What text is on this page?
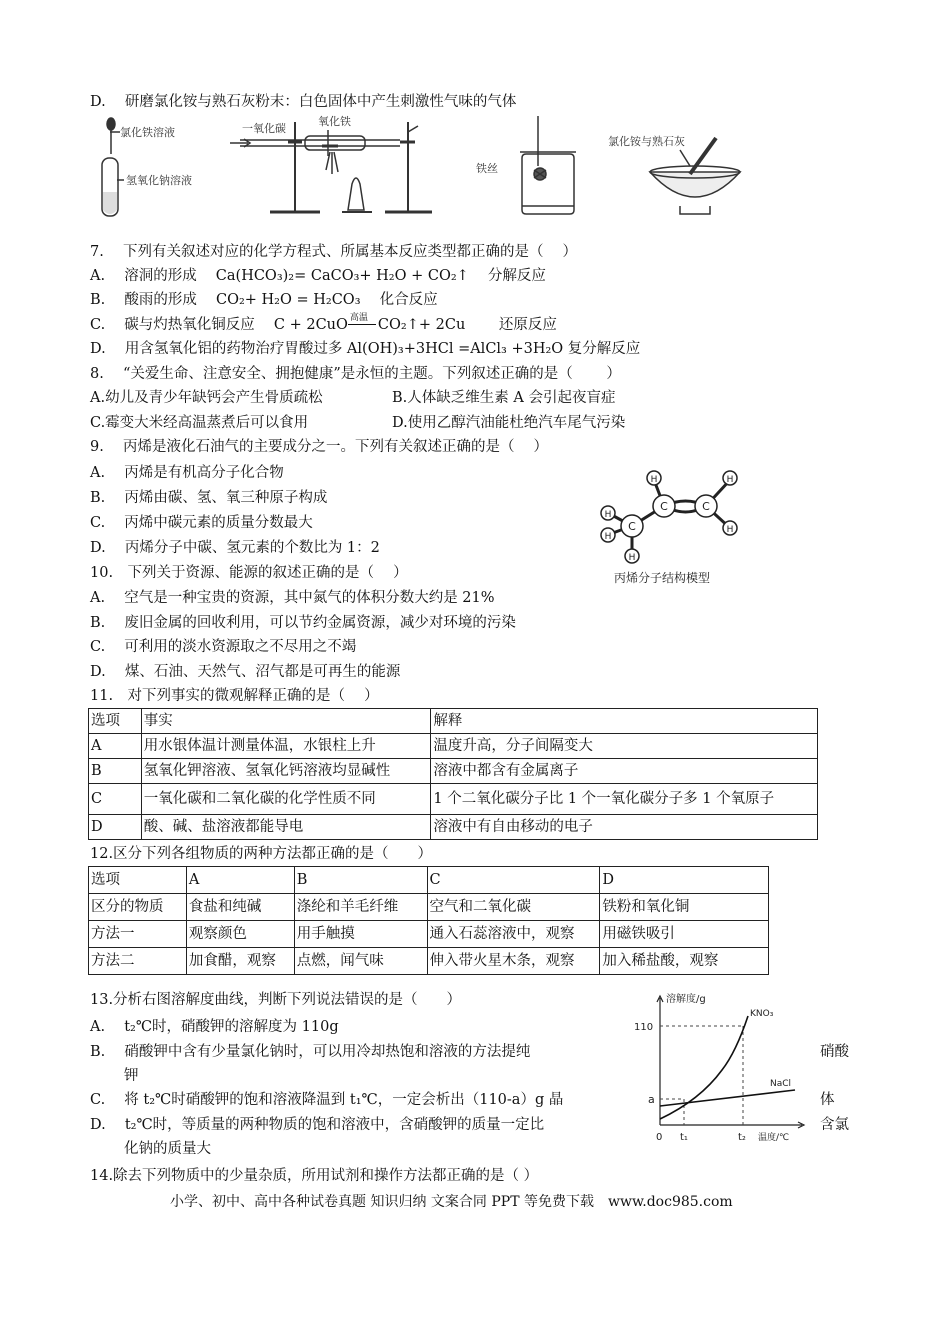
D.　 研磨氯化铵与熟石灰粉末：白色固体中产生刺激性气味的气体
氯化铁溶液
氢氧化钠溶液
一氧化碳
氧化铁
铁丝
氯化铵与熟石灰
7.　 下列有关叙述对应的化学方程式、所属基本反应类型都正确的是（　 ）
A.　 溶洞的形成　 Ca(HCO₃)₂= CaCO₃+ H₂O + CO₂↑　 分解反应
B.　 酸雨的形成　 CO₂+ H₂O = H₂CO₃　 化合反应
C.　 碳与灼热氧化铜反应　 C + 2CuO 高温 CO₂↑+ 2Cu　　 还原反应
D.　 用含氢氧化铝的药物治疗胃酸过多 Al(OH)₃+3HCl =AlCl₃ +3H₂O 复分解反应
8.　 “关爱生命、注意安全、拥抱健康”是永恒的主题。下列叙述正确的是（　　 ）
A.幼儿及青少年缺钙会产生骨质疏松	B.人体缺乏维生素 A 会引起夜盲症
C.霉变大米经高温蒸煮后可以食用	D.使用乙醇汽油能杜绝汽车尾气污染
9.　 丙烯是液化石油气的主要成分之一。下列有关叙述正确的是（　 ）
A.　 丙烯是有机高分子化合物
B.　 丙烯由碳、氢、氧三种原子构成
C.　 丙烯中碳元素的质量分数最大
D.　 丙烯分子中碳、氢元素的个数比为 1：2
C	C
C
H	H
H
H
H
H
丙烯分子结构模型
10.　下列关于资源、能源的叙述正确的是（　 ）
A.　 空气是一种宝贵的资源，其中氮气的体积分数大约是 21%
B.　 废旧金属的回收利用，可以节约金属资源，减少对环境的污染
C.　 可利用的淡水资源取之不尽用之不竭
D.　 煤、石油、天然气、沼气都是可再生的能源
11.　对下列事实的微观解释正确的是（　 ）
选项	事实	解释
A	用水银体温计测量体温，水银柱上升	温度升高，分子间隔变大
B	氢氧化钾溶液、氢氧化钙溶液均显碱性	溶液中都含有金属离子
C	一氧化碳和二氧化碳的化学性质不同	1 个二氧化碳分子比 1 个一氧化碳分子多 1 个氧原子
D	酸、碱、盐溶液都能导电	溶液中有自由移动的电子
12.区分下列各组物质的两种方法都正确的是（　　）
选项	A	B	C	D
区分的物质	食盐和纯碱	涤纶和羊毛纤维	空气和二氧化碳	铁粉和氧化铜
方法一	观察颜色	用手触摸	通入石蕊溶液中，观察	用磁铁吸引
方法二	加食醋，观察	点燃，闻气味	伸入带火星木条，观察	加入稀盐酸，观察
13.分析右图溶解度曲线，判断下列说法错误的是（　　）
A.　 t₂℃时，硝酸钾的溶解度为 110g
B.　 硝酸钾中含有少量氯化钠时，可以用冷却热饱和溶液的方法提纯	硝酸
钾
C.　 将 t₂℃时硝酸钾的饱和溶液降温到 t₁℃，一定会析出（110-a）g 晶	体
D.　 t₂℃时，等质量的两种物质的饱和溶液中，含硝酸钾的质量一定比	含氯
化钠的质量大
溶解度/g
110
a
0 t₁	t₂ 温度/℃
KNO₃
NaCl
14.除去下列物质中的少量杂质，所用试剂和操作方法都正确的是（ ）
小学、初中、高中各种试卷真题 知识归纳 文案合同 PPT 等免费下载　www.doc985.com
